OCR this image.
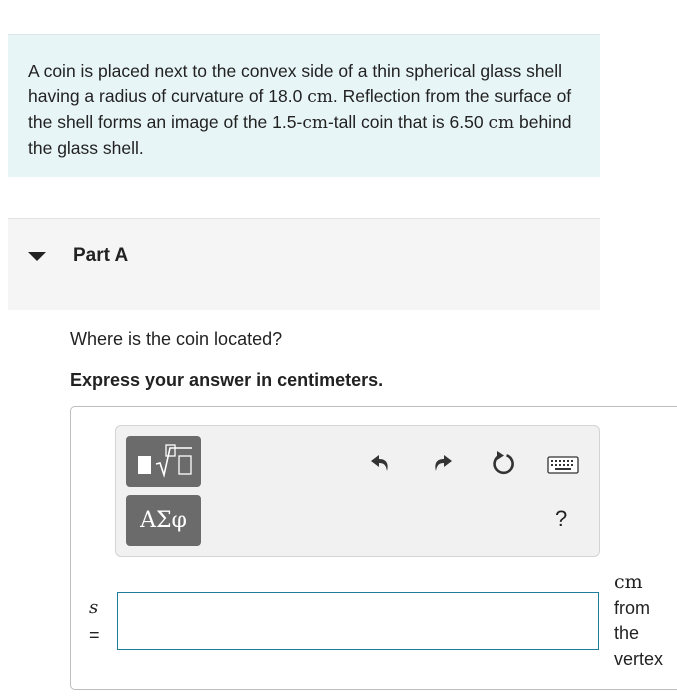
A coin is placed next to the convex side of a thin spherical glass shell having a radius of curvature of 18.0 cm. Reflection from the surface of the shell forms an image of the 1.5-cm-tall coin that is 6.50 cm behind the glass shell.
Part A
Where is the coin located?
Express your answer in centimeters.
ΑΣφ	?
s
=
cm
from
the
vertex
